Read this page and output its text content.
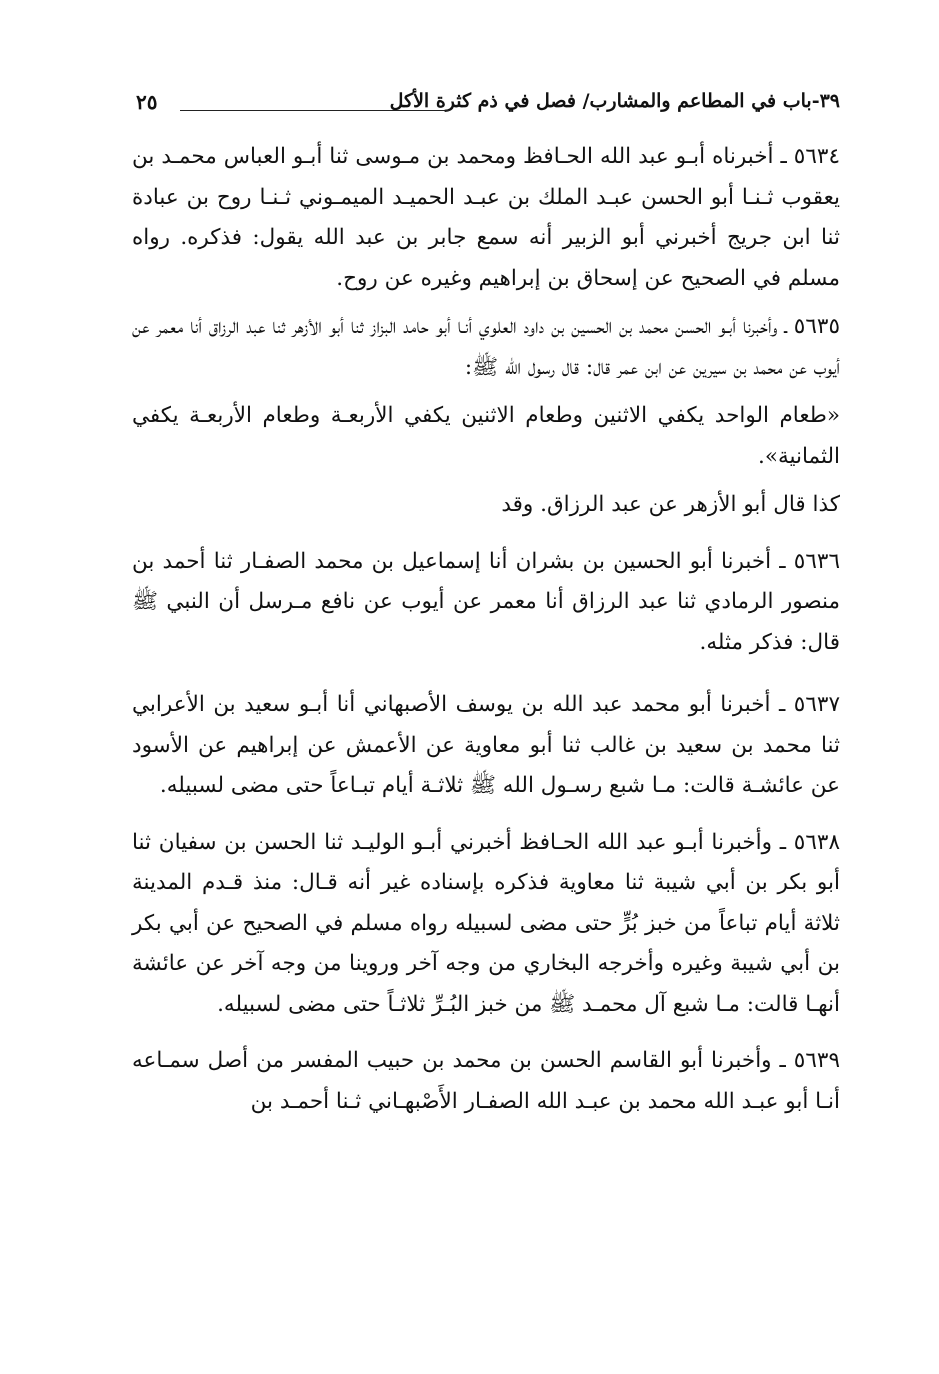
٣٩-باب في المطاعم والمشارب/ فصل في ذم كثرة الأكل
٢٥

٥٦٣٤ ـ أخبرناه أبـو عبد الله الحـافظ ومحمد بن مـوسى ثنا أبـو العباس محمـد بن يعقوب ثـنـا أبو الحسن عبـد الملك بن عبـد الحميـد الميمـوني ثـنـا روح بن عبادة ثنا ابن جريج أخبرني أبو الزبير أنه سمع جابر بن عبد الله يقول: فذكره. رواه مسلم في الصحيح عن إسحاق بن إبراهيم وغيره عن روح.

٥٦٣٥ ـ وأخبرنا أبـو الحسن محمد بن الحسين بن داود العلوي أنـا أبو حامد البزاز ثنا أبو الأزهر ثنا عبد الرزاق أنا معمر عن أيوب عن محمد بن سيرين عن ابن عمر قال: قال رسول الله ﷺ:

«طعام الواحد يكفي الاثنين وطعام الاثنين يكفي الأربعـة وطعام الأربعـة يكفي الثمانية».

كذا قال أبو الأزهر عن عبد الرزاق. وقد

٥٦٣٦ ـ أخبرنا أبو الحسين بن بشران أنا إسماعيل بن محمد الصفـار ثنا أحمد بن منصور الرمادي ثنا عبد الرزاق أنا معمر عن أيوب عن نافع مـرسل أن النبي ﷺ قال: فذكر مثله.

٥٦٣٧ ـ أخبرنا أبو محمد عبد الله بن يوسف الأصبهاني أنا أبـو سعيد بن الأعرابي ثنا محمد بن سعيد بن غالب ثنا أبو معاوية عن الأعمش عن إبراهيم عن الأسود عن عائشـة قالت: مـا شبع رسـول الله ﷺ ثلاثـة أيام تبـاعاً حتى مضى لسبيله.

٥٦٣٨ ـ وأخبرنا أبـو عبد الله الحـافظ أخبرني أبـو الوليـد ثنا الحسن بن سفيان ثنا أبو بكر بن أبي شيبة ثنا معاوية فذكره بإسناده غير أنه قـال: منذ قـدم المدينة ثلاثة أيام تباعاً من خبز بُرٍّ حتى مضى لسبيله رواه مسلم في الصحيح عن أبي بكر بن أبي شيبة وغيره وأخرجه البخاري من وجه آخر وروينا من وجه آخر عن عائشة أنهـا قالت: مـا شبع آل محمـد ﷺ من خبز البُـرِّ ثلاثـاً حتى مضى لسبيله.

٥٦٣٩ ـ وأخبرنا أبو القاسم الحسن بن محمد بن حبيب المفسر من أصل سمـاعه أنـا أبو عبـد الله محمد بن عبـد الله الصفـار الأَصْبهـاني ثـنا أحمـد بن
